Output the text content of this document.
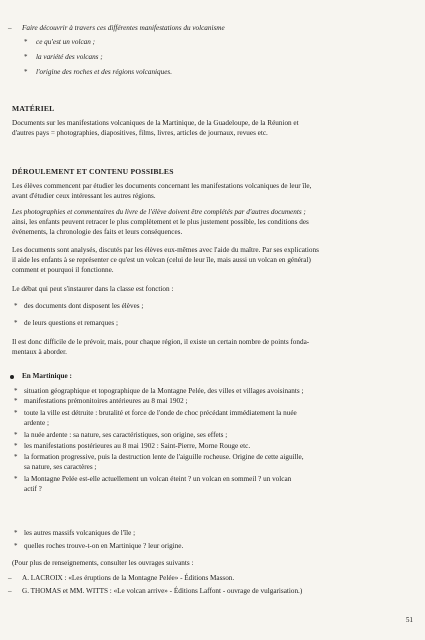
– Faire découvrir à travers ces différentes manifestations du volcanisme

* ce qu'est un volcan ;

* la variété des volcans ;

* l'origine des roches et des régions volcaniques.

MATÉRIEL

Documents sur les manifestations volcaniques de la Martinique, de la Guadeloupe, de la Réunion et

d'autres pays = photographies, diapositives, films, livres, articles de journaux, revues etc.

DÉROULEMENT ET CONTENU POSSIBLES

Les élèves commencent par étudier les documents concernant les manifestations volcaniques de leur île,

avant d'étudier ceux intéressant les autres régions.

Les photographies et commentaires du livre de l'élève doivent être complétés par d'autres documents ;

ainsi, les enfants peuvent retracer le plus complètement et le plus justement possible, les conditions des

événements, la chronologie des faits et leurs conséquences.

Les documents sont analysés, discutés par les élèves eux-mêmes avec l'aide du maître. Par ses explications

il aide les enfants à se représenter ce qu'est un volcan (celui de leur île, mais aussi un volcan en général)

comment et pourquoi il fonctionne.

Le débat qui peut s'instaurer dans la classe est fonction :

* des documents dont disposent les élèves ;

* de leurs questions et remarques ;

Il est donc difficile de le prévoir, mais, pour chaque région, il existe un certain nombre de points fonda-

mentaux à aborder.

En Martinique :

* situation géographique et topographique de la Montagne Pelée, des villes et villages avoisinants ;

* manifestations prémonitoires antérieures au 8 mai 1902 ;

* toute la ville est détruite : brutalité et force de l'onde de choc précédant immédiatement la nuée

ardente ;

* la nuée ardente : sa nature, ses caractéristiques, son origine, ses effets ;

* les manifestations postérieures au 8 mai 1902 : Saint-Pierre, Morne Rouge etc.

* la formation progressive, puis la destruction lente de l'aiguille rocheuse. Origine de cette aiguille,

sa nature, ses caractères ;

* la Montagne Pelée est-elle actuellement un volcan éteint ? un volcan en sommeil ? un volcan

actif ?

* les autres massifs volcaniques de l'île ;

* quelles roches trouve-t-on en Martinique ? leur origine.

(Pour plus de renseignements, consulter les ouvrages suivants :

– A. LACROIX : «Les éruptions de la Montagne Pelée» - Éditions Masson.

– G. THOMAS et MM. WITTS : «Le volcan arrive» - Éditions Laffont - ouvrage de vulgarisation.)

51
